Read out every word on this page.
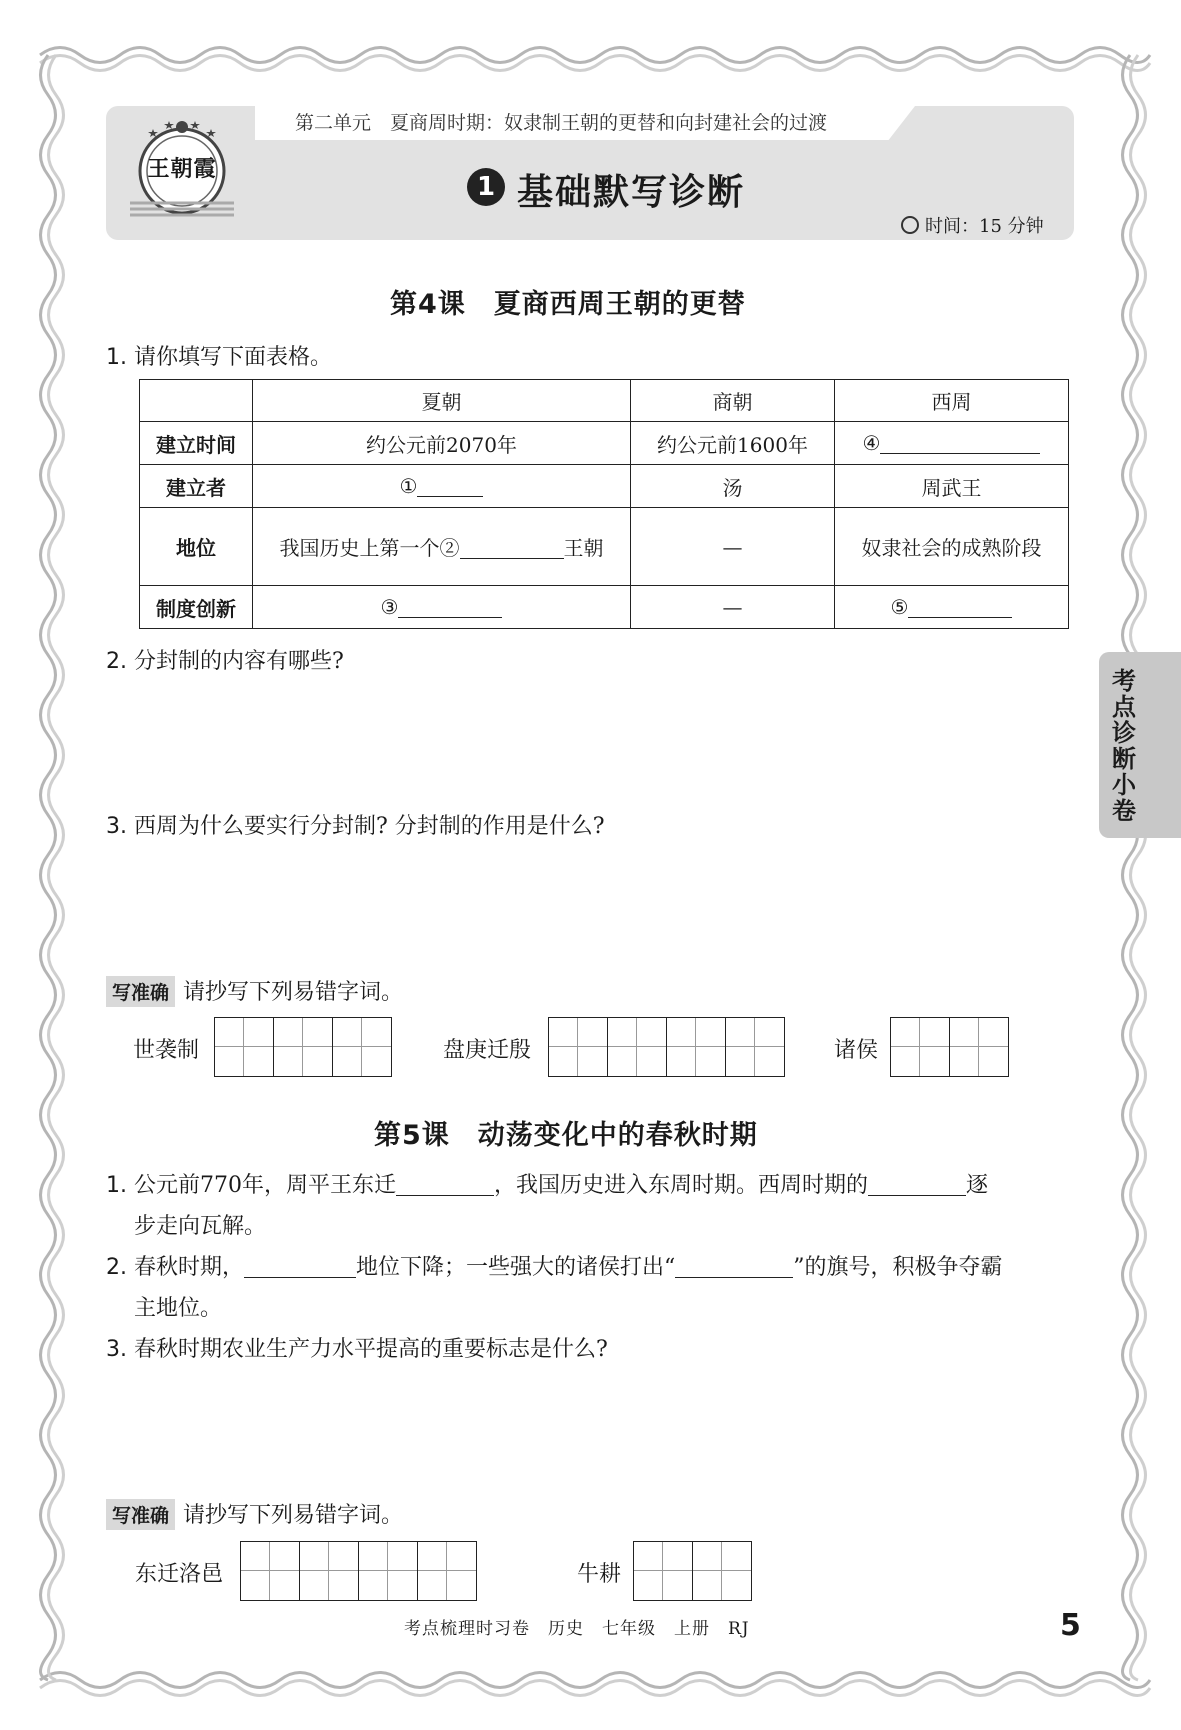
第二单元　夏商周时期：奴隶制王朝的更替和向封建社会的过渡
王朝霞
1 基础默写诊断
时间：15 分钟
第4课　夏商西周王朝的更替
1. 请你填写下面表格。
	夏朝	商朝	西周
建立时间	约公元前2070年	约公元前1600年	④
建立者	①	汤	周武王
地位	我国历史上第一个② 王朝	—	奴隶社会的成熟阶段
制度创新	③	—	⑤
2. 分封制的内容有哪些?
3. 西周为什么要实行分封制? 分封制的作用是什么?
写准确 请抄写下列易错字词。
世袭制	盘庚迁殷	诸侯
第5课　动荡变化中的春秋时期
1. 公元前770年，周平王东迁	，我国历史进入东周时期。西周时期的	逐
步走向瓦解。
2. 春秋时期，	地位下降；一些强大的诸侯打出“	”的旗号，积极争夺霸
主地位。
3. 春秋时期农业生产力水平提高的重要标志是什么?
写准确 请抄写下列易错字词。
东迁洛邑	牛耕
考点诊断小卷
考点梳理时习卷　历史　七年级　上册　RJ	5
